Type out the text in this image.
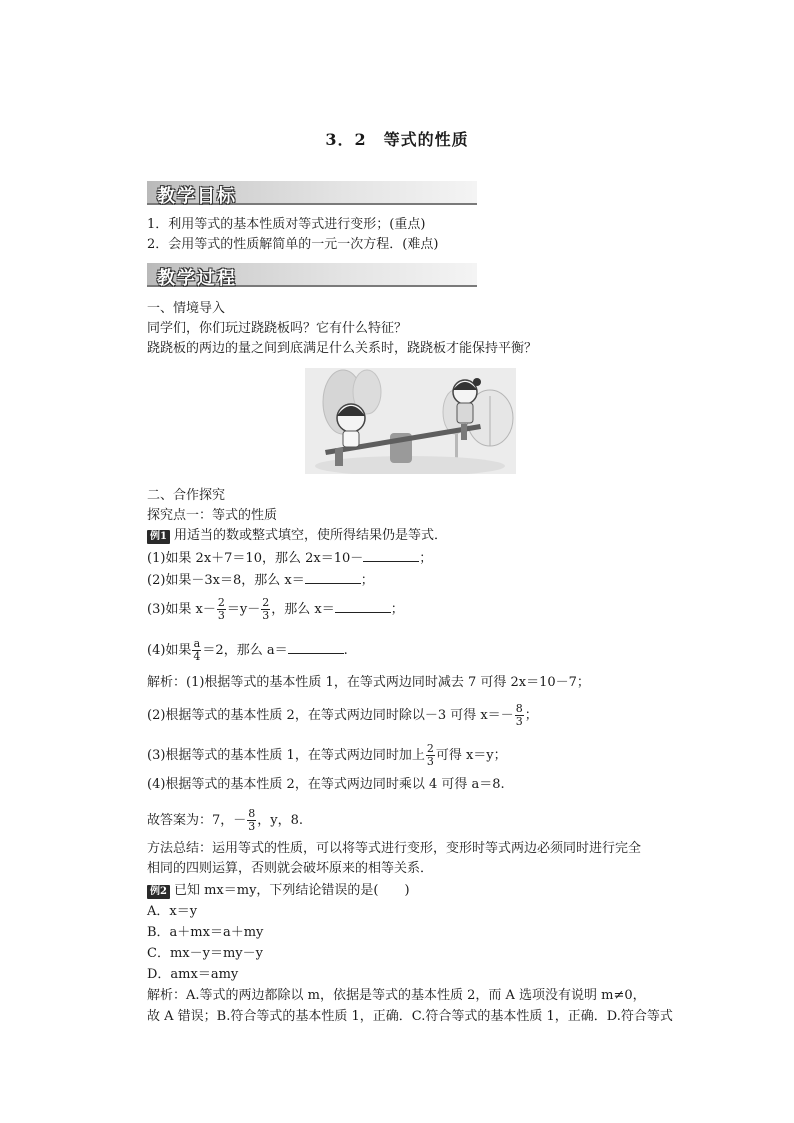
3．2　等式的性质
教学目标
1．利用等式的基本性质对等式进行变形；(重点)
2．会用等式的性质解简单的一元一次方程．(难点)
教学过程
一、情境导入
同学们，你们玩过跷跷板吗？它有什么特征？
跷跷板的两边的量之间到底满足什么关系时，跷跷板才能保持平衡？
二、合作探究
探究点一：等式的性质
例1 用适当的数或整式填空，使所得结果仍是等式．
(1)如果 2x＋7＝10，那么 2x＝10－	；
(2)如果－3x＝8，那么 x＝	；
(3)如果 $x- \frac{2}{3} =y- \frac{2}{3}$ ，那么 x＝	；
(4)如果 $\frac{a}{4} =2$，那么 a＝	.
解析：(1)根据等式的基本性质 1，在等式两边同时减去 7 可得 2x＝10－7；
(2)根据等式的基本性质 2，在等式两边同时除以－3 可得 $x=- \frac{8}{3}$ ；
(3)根据等式的基本性质 1，在等式两边同时加上 $\frac{2}{3}$ 可得 x＝y；
(4)根据等式的基本性质 2，在等式两边同时乘以 4 可得 a＝8.
故答案为：7，－ $\frac{8}{3}$ ，y，8.
方法总结：运用等式的性质，可以将等式进行变形，变形时等式两边必须同时进行完全
相同的四则运算，否则就会破坏原来的相等关系．
例2 已知 mx＝my，下列结论错误的是(　　)
A．x＝y
B．a＋mx＝a＋my
C．mx－y＝my－y
D．amx＝amy
解析：A.等式的两边都除以 m，依据是等式的基本性质 2，而 A 选项没有说明 m≠0，
故 A 错误；B.符合等式的基本性质 1，正确．C.符合等式的基本性质 1，正确．D.符合等式
